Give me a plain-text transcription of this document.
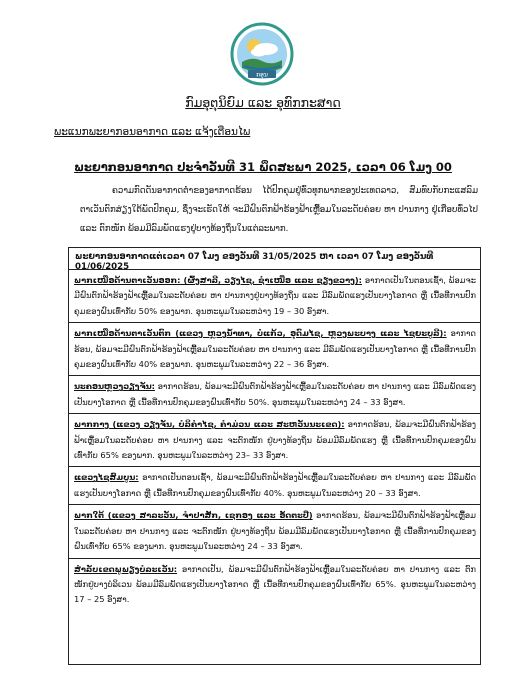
ກອຸນ
ກົມອຸຕຸນິຍົມ ແລະ ອຸທົກກະສາດ
ພະແນກພະຍາກອນອາກາດ ແລະ ແຈ້ງເຕືອນໄພ
ພະຍາກອນອາກາດ ປະຈໍາວັນທີ 31 ພຶດສະພາ 2025, ເວລາ 06 ໂມງ 00
ຄວາມກົດດັນອາກາດຕໍ່າຂອງອາກາດຮ້ອນ ໄດ້ປົກຄຸມຢູ່ທົ່ວທຸກພາກຂອງປະເທດລາວ, ສົມທົບກັບກະແສລົມ ຕາເວັນຕົກສ່ຽງໃຕ້ພັດປົກຄຸມ, ຊຶ່ງຈະເຮັດໃຫ້ ຈະມີຝົນຕົກຟ້າຮ້ອງຟ້າເຫຼື້ອມໃນລະດັບຄ່ອຍ ຫາ ປານກາງ ຢູ່ເກືອບທົ່ວໄປ ແລະ ຕົກໜັກ ພ້ອມມີລົມພັດແຮງຢູ່ບາງທ້ອງຖິ່ນໃນແຕ່ລະພາກ.
ພະຍາກອນອາກາດແຕ່ເວລາ 07 ໂມງ ຂອງວັນທີ 31/05/2025 ຫາ ເວລາ 07 ໂມງ ຂອງວັນທີ 01/06/2025
ພາກເໜືອດ້ານຕາເວັນອອກ: (ຜົ້ງສາລີ, ວຽງໄຊ, ຊໍາເໜືອ ແລະ ຊຽງຂວາງ): ອາກາດເປັນໃນຕອນເຊົ້າ, ພ້ອມຈະມີຝົນຕົກຟ້າຮ້ອງຟ້າເຫຼື້ອມໃນລະດັບຄ່ອຍ ຫາ ປານກາງຢູ່ບາງທ້ອງຖິ່ນ ແລະ ມີລົມພັດແຮງເປັນບາງໂອກາດ ຫຼື ເນື້ອທີ່ການປົກຄຸມຂອງຝົນເທົ່າກັບ 50% ຂອງພາກ. ອຸນຫະພູມໃນລະຫວ່າງ 19 – 30 ອົງສາ.
ພາກເໜືອດ້ານຕາເວັນຕົກ (ແຂວງ ຫຼວງນ້ຳທາ, ບໍ່ແກ້ວ, ອຸດົມໄຊ, ຫຼວງພະບາງ ແລະ ໄຊຍະບູລີ): ອາກາດຮ້ອນ, ພ້ອມຈະມີຝົນຕົກຟ້າຮ້ອງຟ້າເຫຼື້ອມໃນລະດັບຄ່ອຍ ຫາ ປານກາງ ແລະ ມີລົມພັດແຮງເປັນບາງໂອກາດ ຫຼື ເນື້ອທີ່ການປົກຄຸມຂອງຝົນເທົ່າກັບ 40% ຂອງພາກ. ອຸນຫະພູມໃນລະຫວ່າງ 22 – 36 ອົງສາ.
ນະຄອນຫຼວງວຽງຈັນ: ອາກາດຮ້ອນ, ພ້ອມຈະມີຝົນຕົກຟ້າຮ້ອງຟ້າເຫຼື້ອມໃນລະດັບຄ່ອຍ ຫາ ປານກາງ ແລະ ມີລົມພັດແຮງເປັນບາງໂອກາດ ຫຼື ເນື້ອທີ່ການປົກຄຸມຂອງຝົນເທົ່າກັບ 50%. ອຸນຫະພູມໃນລະຫວ່າງ 24 – 33 ອົງສາ.
ພາກກາງ (ແຂວງ ວຽງຈັນ, ບໍລິຄໍາໄຊ, ຄໍາມ່ວນ ແລະ ສະຫວັນນະເຂດ): ອາກາດຮ້ອນ, ພ້ອມຈະມີຝົນຕົກຟ້າຮ້ອງຟ້າເຫຼື້ອມໃນລະດັບຄ່ອຍ ຫາ ປານກາງ ແລະ ຈະຕົກໜັກ ຢູ່ບາງທ້ອງຖິ່ນ ພ້ອມມີລົມພັດແຮງ ຫຼື ເນື້ອທີ່ການປົກຄຸມຂອງຝົນເທົ່າກັບ 65% ຂອງພາກ. ອຸນຫະພູມໃນລະຫວ່າງ 23– 33 ອົງສາ.
ແຂວງໄຊສົມບູນ: ອາກາດເປັນຕອນເຊົ້າ, ພ້ອມຈະມີຝົນຕົກຟ້າຮ້ອງຟ້າເຫຼື້ອມໃນລະດັບຄ່ອຍ ຫາ ປານກາງ ແລະ ມີລົມພັດແຮງເປັນບາງໂອກາດ ຫຼື ເນື້ອທີ່ການປົກຄຸມຂອງຝົນເທົ່າກັບ 40%. ອຸນຫະພູມໃນລະຫວ່າງ 20 – 33 ອົງສາ.
ພາກໃຕ້ (ແຂວງ ສາລະວັນ, ຈໍາປາສັກ, ເຊກອງ ແລະ ອັດຕະປື) ອາກາດຮ້ອນ, ພ້ອມຈະມີຝົນຕົກຟ້າຮ້ອງຟ້າເຫຼື້ອມໃນລະດັບຄ່ອຍ ຫາ ປານກາງ ແລະ ຈະຕົກໜັກ ຢູ່ບາງທ້ອງຖິ່ນ ພ້ອມມີລົມພັດແຮງເປັນບາງໂອກາດ ຫຼື ເນື້ອທີ່ການປົກຄຸມຂອງຝົນເທົ່າກັບ 65% ຂອງພາກ. ອຸນຫະພູມໃນລະຫວ່າງ 24 – 33 ອົງສາ.
ສໍາລັບເຂດພູພຽງບໍລະເວັນ: ອາກາດເປັນ, ພ້ອມຈະມີຝົນຕົກຟ້າຮ້ອງຟ້າເຫຼື້ອມໃນລະດັບຄ່ອຍ ຫາ ປານກາງ ແລະ ຕົກໜັກຢູ່ບາງບໍລິເວນ ພ້ອມມີລົມພັດແຮງເປັນບາງໂອກາດ ຫຼື ເນື້ອທີ່ການປົກຄຸມຂອງຝົນເທົ່າກັບ 65%. ອຸນຫະພູມໃນລະຫວ່າງ 17 – 25 ອົງສາ.
